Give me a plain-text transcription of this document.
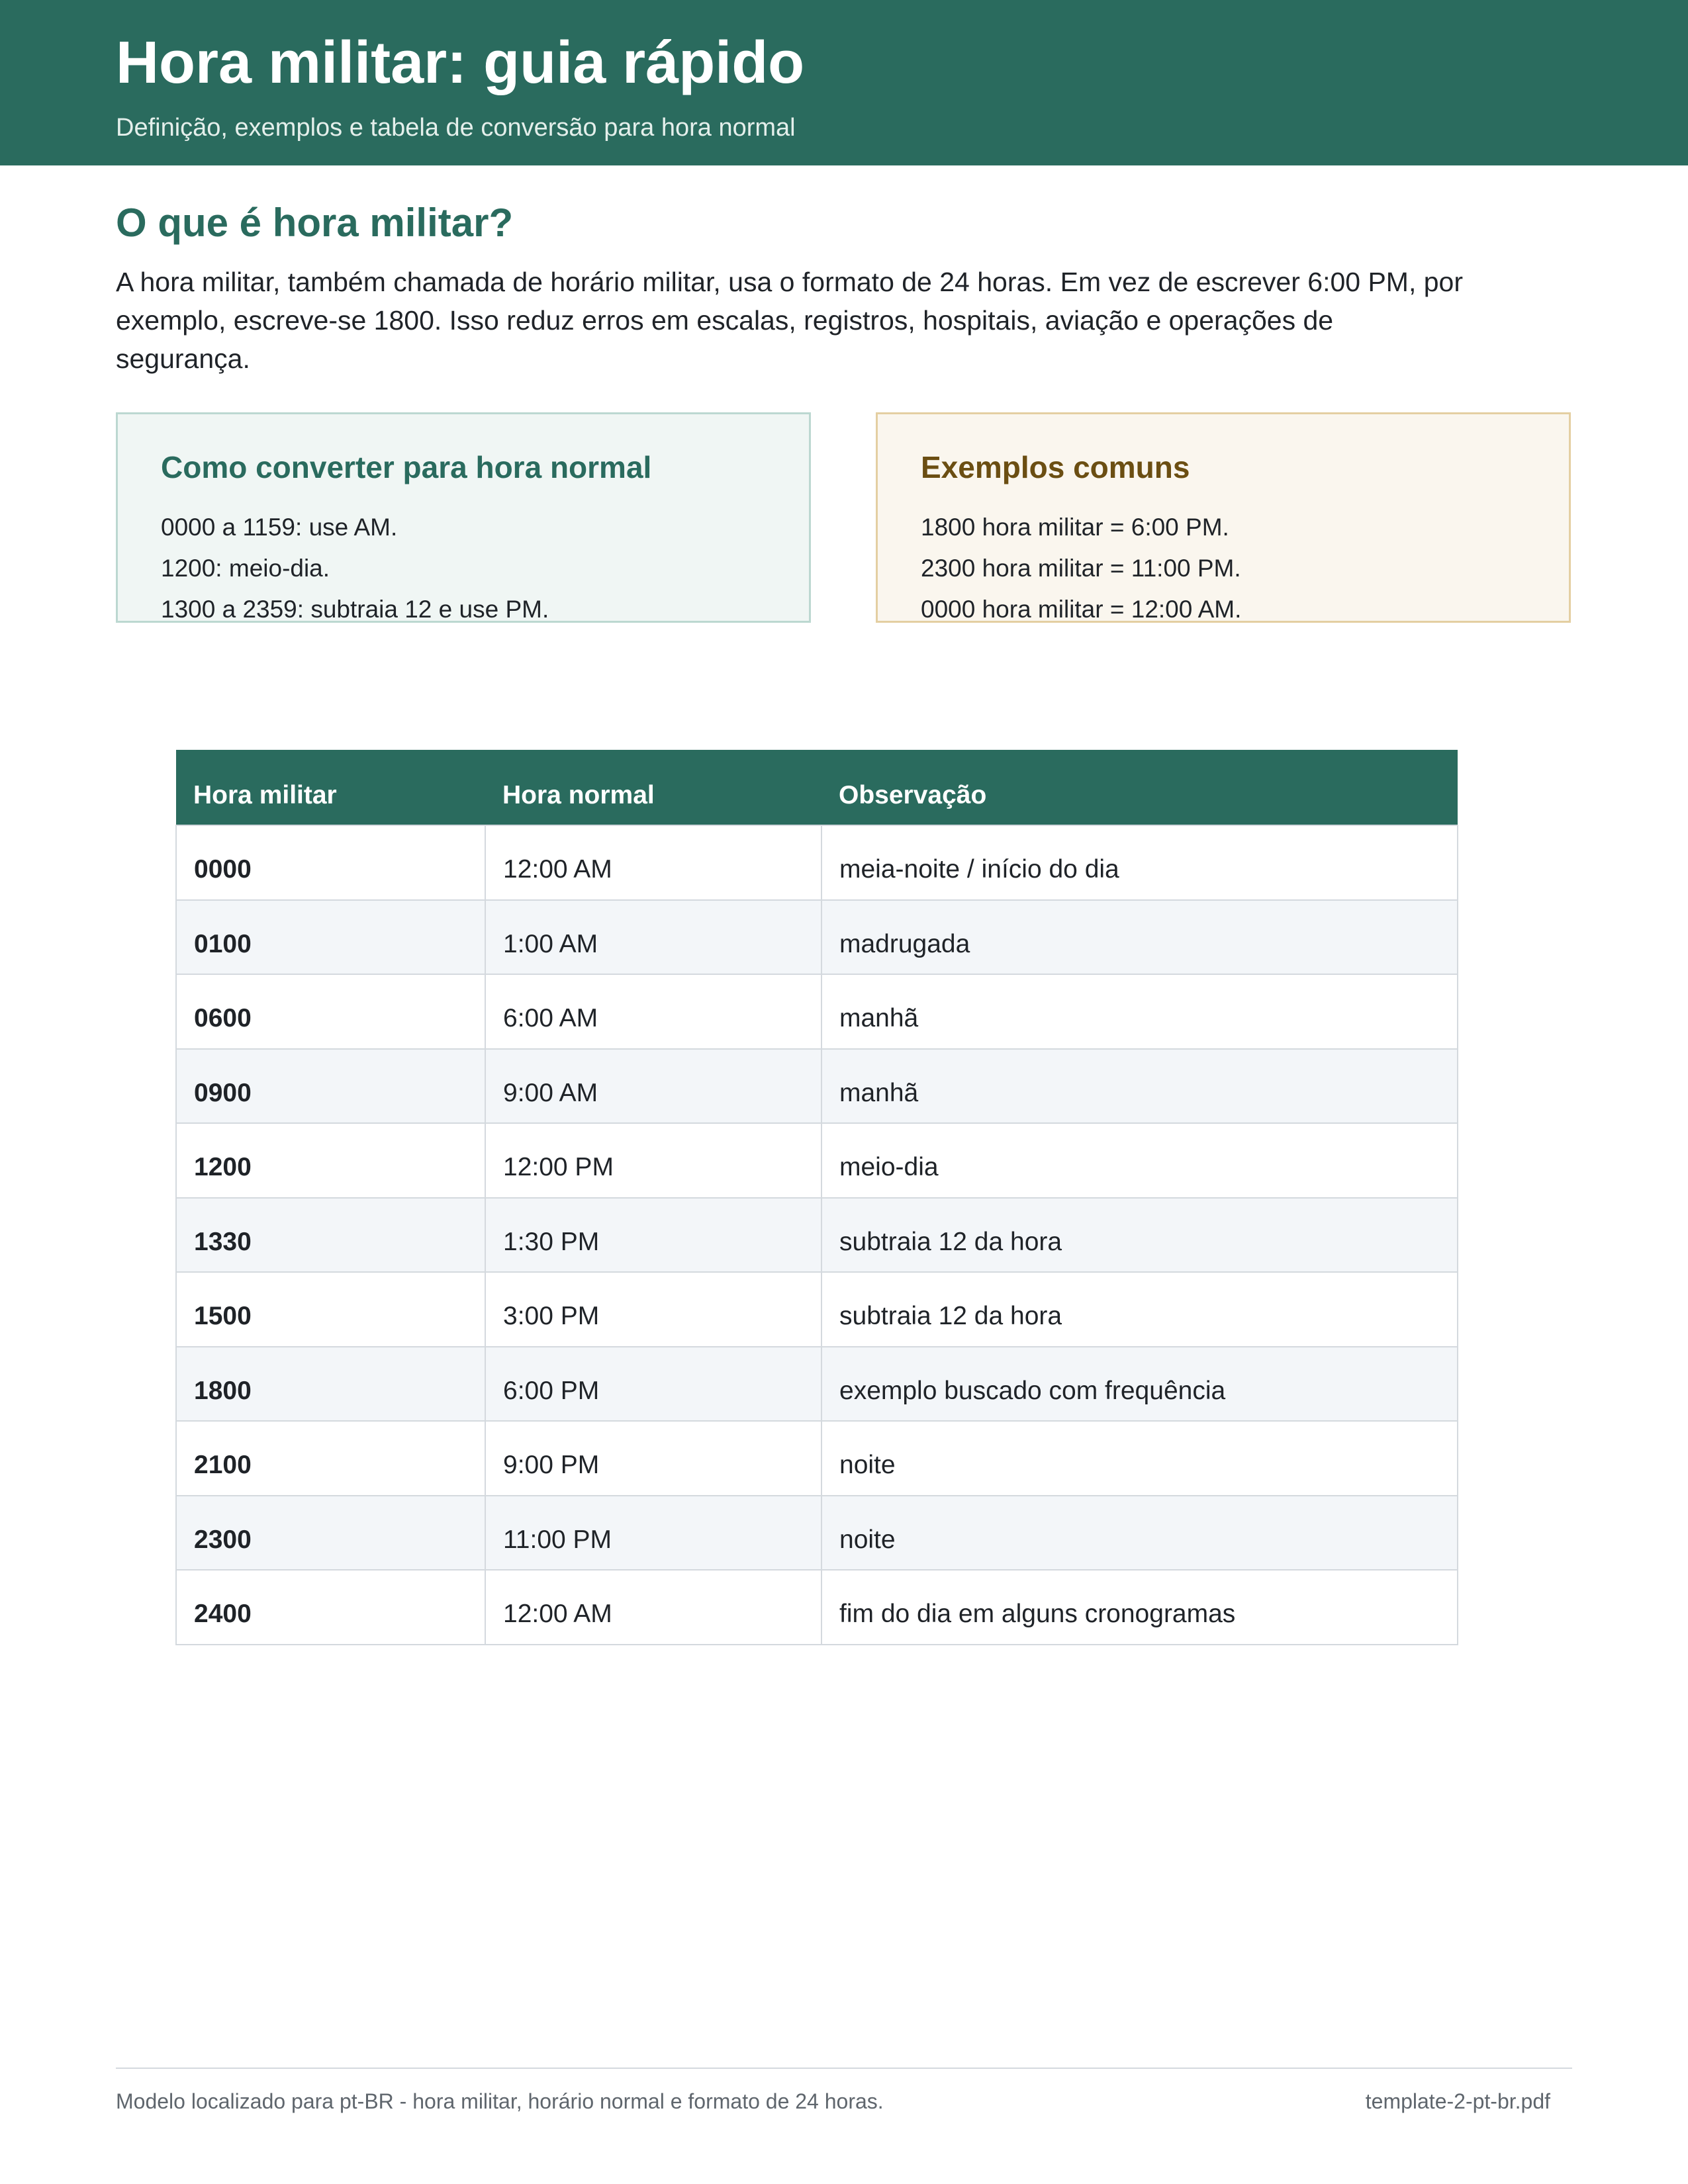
Hora militar: guia rápido
Definição, exemplos e tabela de conversão para hora normal
O que é hora militar?

A hora militar, também chamada de horário militar, usa o formato de 24 horas. Em vez de escrever 6:00 PM, por exemplo, escreve-se 1800. Isso reduz erros em escalas, registros, hospitais, aviação e operações de segurança.

Como converter para hora normal
0000 a 1159: use AM.
1200: meio-dia.
1300 a 2359: subtraia 12 e use PM.
Exemplos comuns
1800 hora militar = 6:00 PM.
2300 hora militar = 11:00 PM.
0000 hora militar = 12:00 AM.
Hora militar	Hora normal	Observação
0000	12:00 AM	meia-noite / início do dia
0100	1:00 AM	madrugada
0600	6:00 AM	manhã
0900	9:00 AM	manhã
1200	12:00 PM	meio-dia
1330	1:30 PM	subtraia 12 da hora
1500	3:00 PM	subtraia 12 da hora
1800	6:00 PM	exemplo buscado com frequência
2100	9:00 PM	noite
2300	11:00 PM	noite
2400	12:00 AM	fim do dia em alguns cronogramas
Modelo localizado para pt-BR - hora militar, horário normal e formato de 24 horas.	template-2-pt-br.pdf
